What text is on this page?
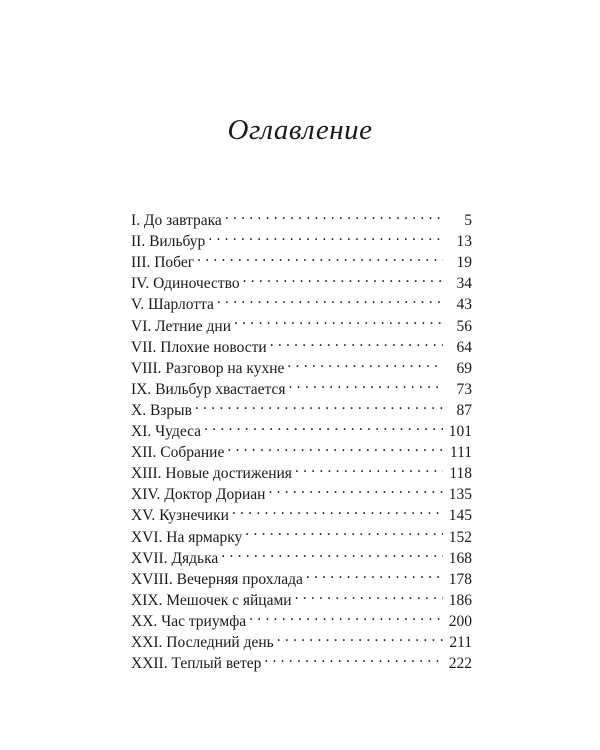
Оглавление
I. До завтрака . . .	5
II. Вильбур . . .	13
III. Побег . . .	19
IV. Одиночество . . .	34
V. Шарлотта . . .	43
VI. Летние дни . . .	56
VII. Плохие новости . . .	64
VIII. Разговор на кухне . . .	69
IX. Вильбур хвастается . . .	73
X. Взрыв . . .	87
XI. Чудеса . . .	101
XII. Собрание . . .	111
XIII. Новые достижения . . .	118
XIV. Доктор Дориан . . .	135
XV. Кузнечики . . .	145
XVI. На ярмарку . . .	152
XVII. Дядька . . .	168
XVIII. Вечерняя прохлада . . .	178
XIX. Мешочек с яйцами . . .	186
XX. Час триумфа . . .	200
XXI. Последний день . . .	211
XXII. Теплый ветер . . .	222
